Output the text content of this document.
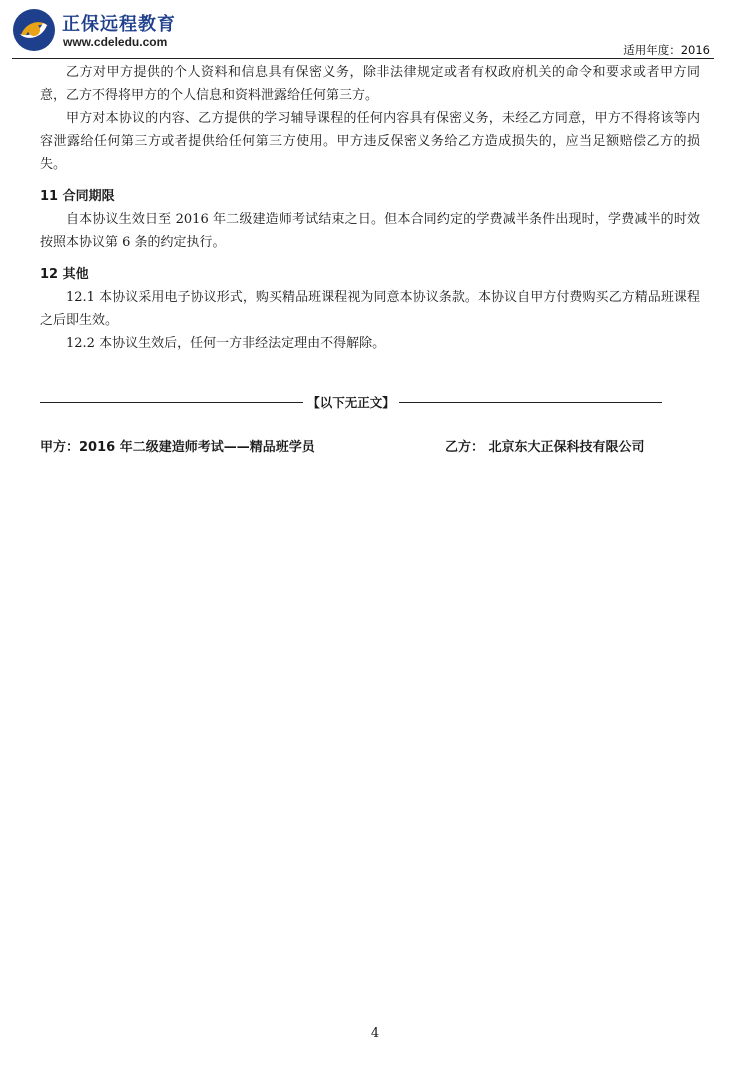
正保远程教育
www.cdeledu.com
适用年度：2016

乙方对甲方提供的个人资料和信息具有保密义务，除非法律规定或者有权政府机关的命令和要求或者甲方同意，乙方不得将甲方的个人信息和资料泄露给任何第三方。

甲方对本协议的内容、乙方提供的学习辅导课程的任何内容具有保密义务，未经乙方同意，甲方不得将该等内容泄露给任何第三方或者提供给任何第三方使用。甲方违反保密义务给乙方造成损失的，应当足额赔偿乙方的损失。

11 合同期限

自本协议生效日至 2016 年二级建造师考试结束之日。但本合同约定的学费减半条件出现时，学费减半的时效按照本协议第 6 条的约定执行。

12 其他

12.1 本协议采用电子协议形式，购买精品班课程视为同意本协议条款。本协议自甲方付费购买乙方精品班课程之后即生效。

12.2 本协议生效后，任何一方非经法定理由不得解除。

【以下无正文】
甲方：2016 年二级建造师考试——精品班学员	乙方： 北京东大正保科技有限公司
4
